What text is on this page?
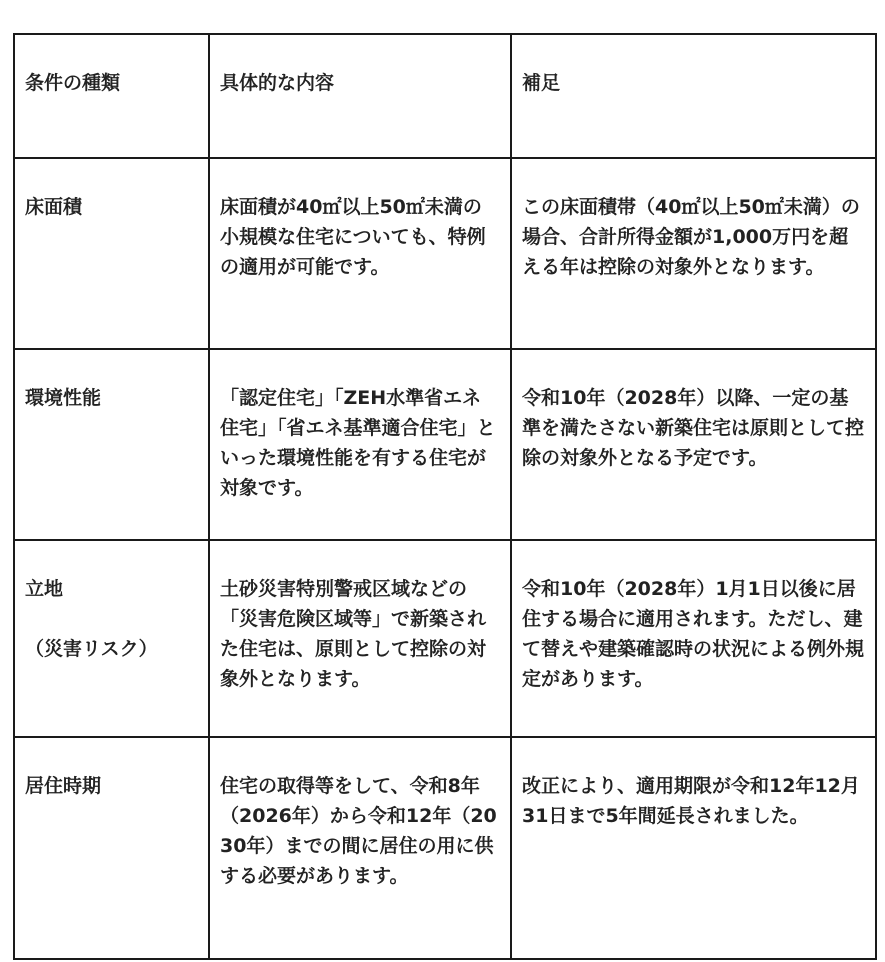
条件の種類	具体的な内容	補足

床面積	床面積が40㎡以上50㎡未満の小規模な住宅についても、特例の適用が可能です。	この床面積帯（40㎡以上50㎡未満）の場合、合計所得金額が1,000万円を超える年は控除の対象外となります。

環境性能	「認定住宅」「ZEH水準省エネ住宅」「省エネ基準適合住宅」といった環境性能を有する住宅が対象です。	令和10年（2028年）以降、一定の基準を満たさない新築住宅は原則として控除の対象外となる予定です。

立地
（災害リスク）	土砂災害特別警戒区域などの「災害危険区域等」で新築された住宅は、原則として控除の対象外となります。	令和10年（2028年）1月1日以後に居住する場合に適用されます。ただし、建て替えや建築確認時の状況による例外規定があります。

居住時期	住宅の取得等をして、令和8年（2026年）から令和12年（2030年）までの間に居住の用に供する必要があります。	改正により、適用期限が令和12年12月31日まで5年間延長されました。
